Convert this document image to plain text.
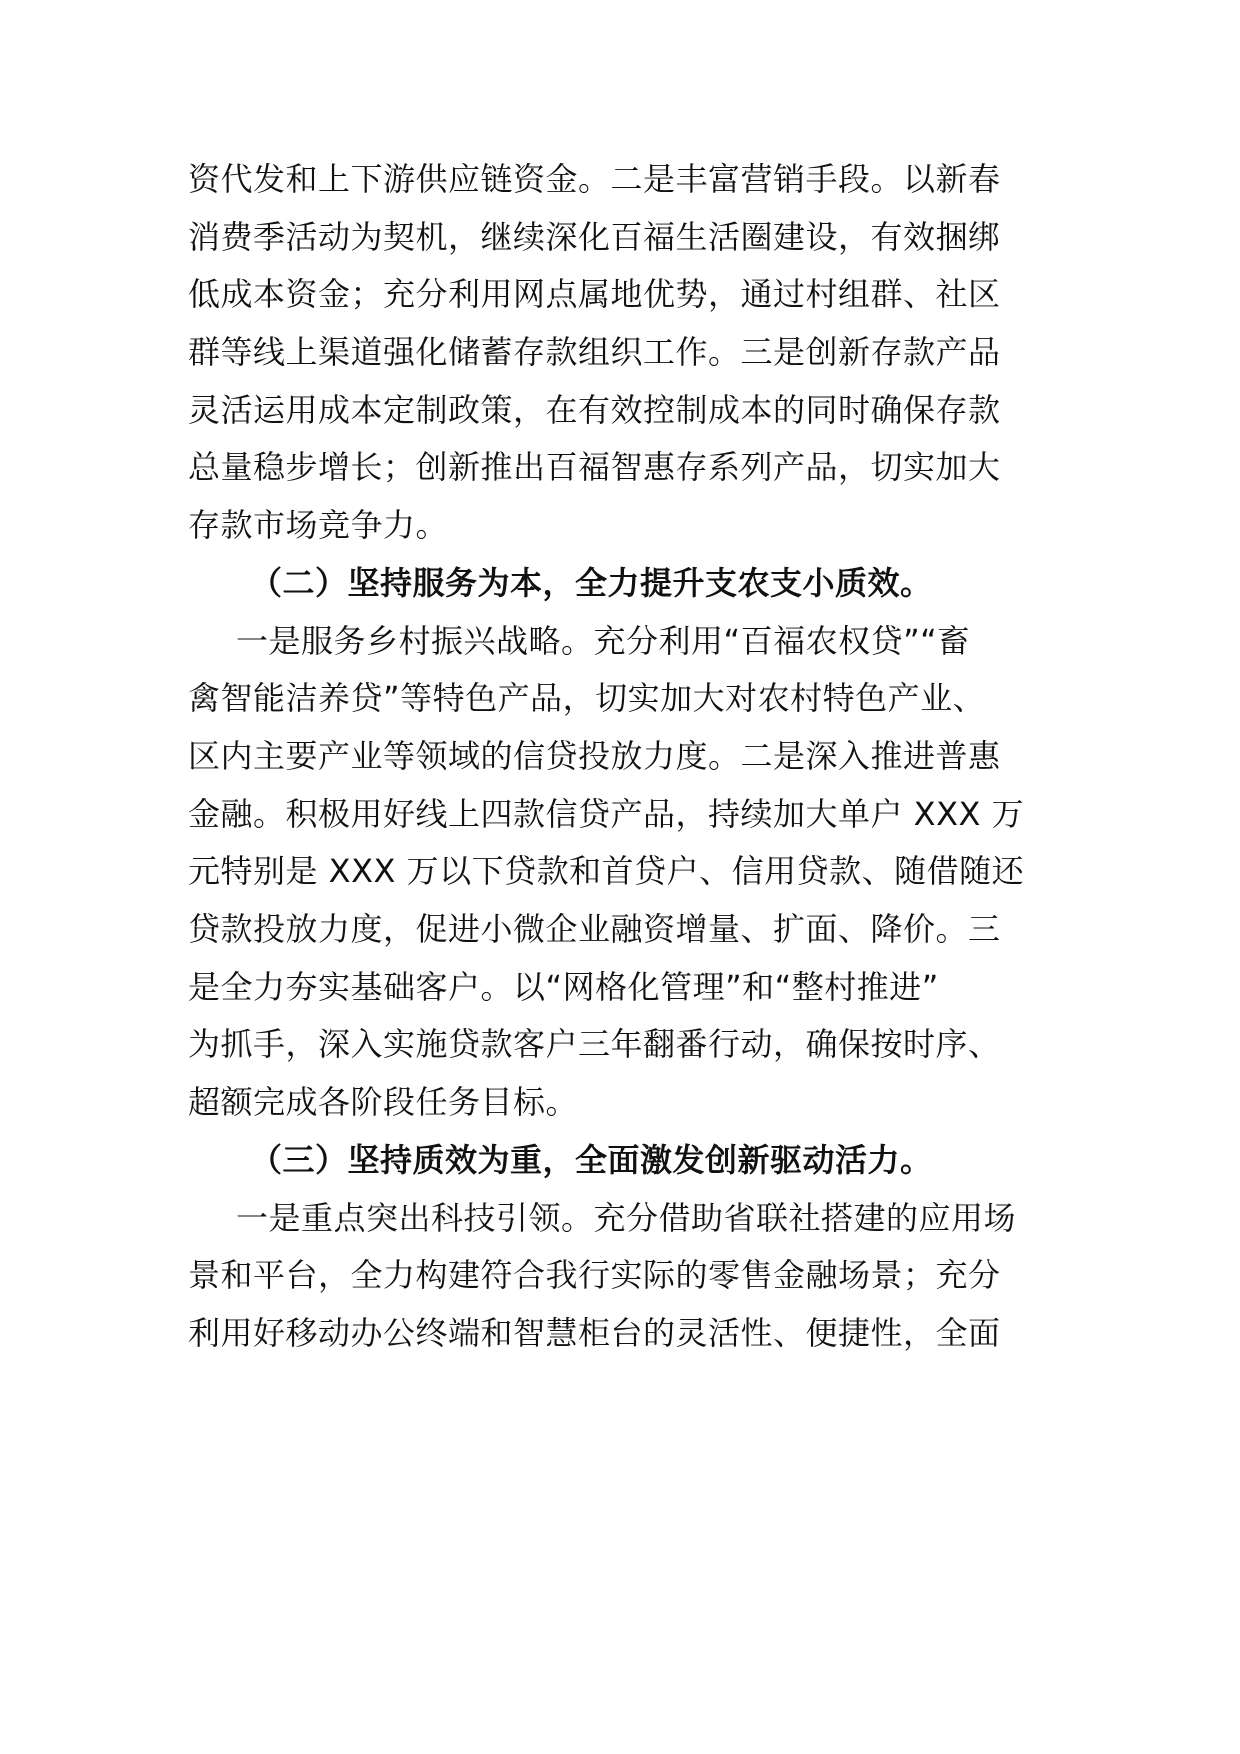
资代发和上下游供应链资金。二是丰富营销手段。以新春
消费季活动为契机，继续深化百福生活圈建设，有效捆绑
低成本资金；充分利用网点属地优势，通过村组群、社区
群等线上渠道强化储蓄存款组织工作。三是创新存款产品
灵活运用成本定制政策，在有效控制成本的同时确保存款
总量稳步增长；创新推出百福智惠存系列产品，切实加大
存款市场竞争力。
（二）坚持服务为本，全力提升支农支小质效。
一是服务乡村振兴战略。充分利用“百福农权贷”“畜
禽智能洁养贷”等特色产品，切实加大对农村特色产业、
区内主要产业等领域的信贷投放力度。二是深入推进普惠
金融。积极用好线上四款信贷产品，持续加大单户 XXX 万
元特别是 XXX 万以下贷款和首贷户、信用贷款、随借随还
贷款投放力度，促进小微企业融资增量、扩面、降价。三
是全力夯实基础客户。以“网格化管理”和“整村推进”
为抓手，深入实施贷款客户三年翻番行动，确保按时序、
超额完成各阶段任务目标。
（三）坚持质效为重，全面激发创新驱动活力。
一是重点突出科技引领。充分借助省联社搭建的应用场
景和平台，全力构建符合我行实际的零售金融场景；充分
利用好移动办公终端和智慧柜台的灵活性、便捷性，全面
